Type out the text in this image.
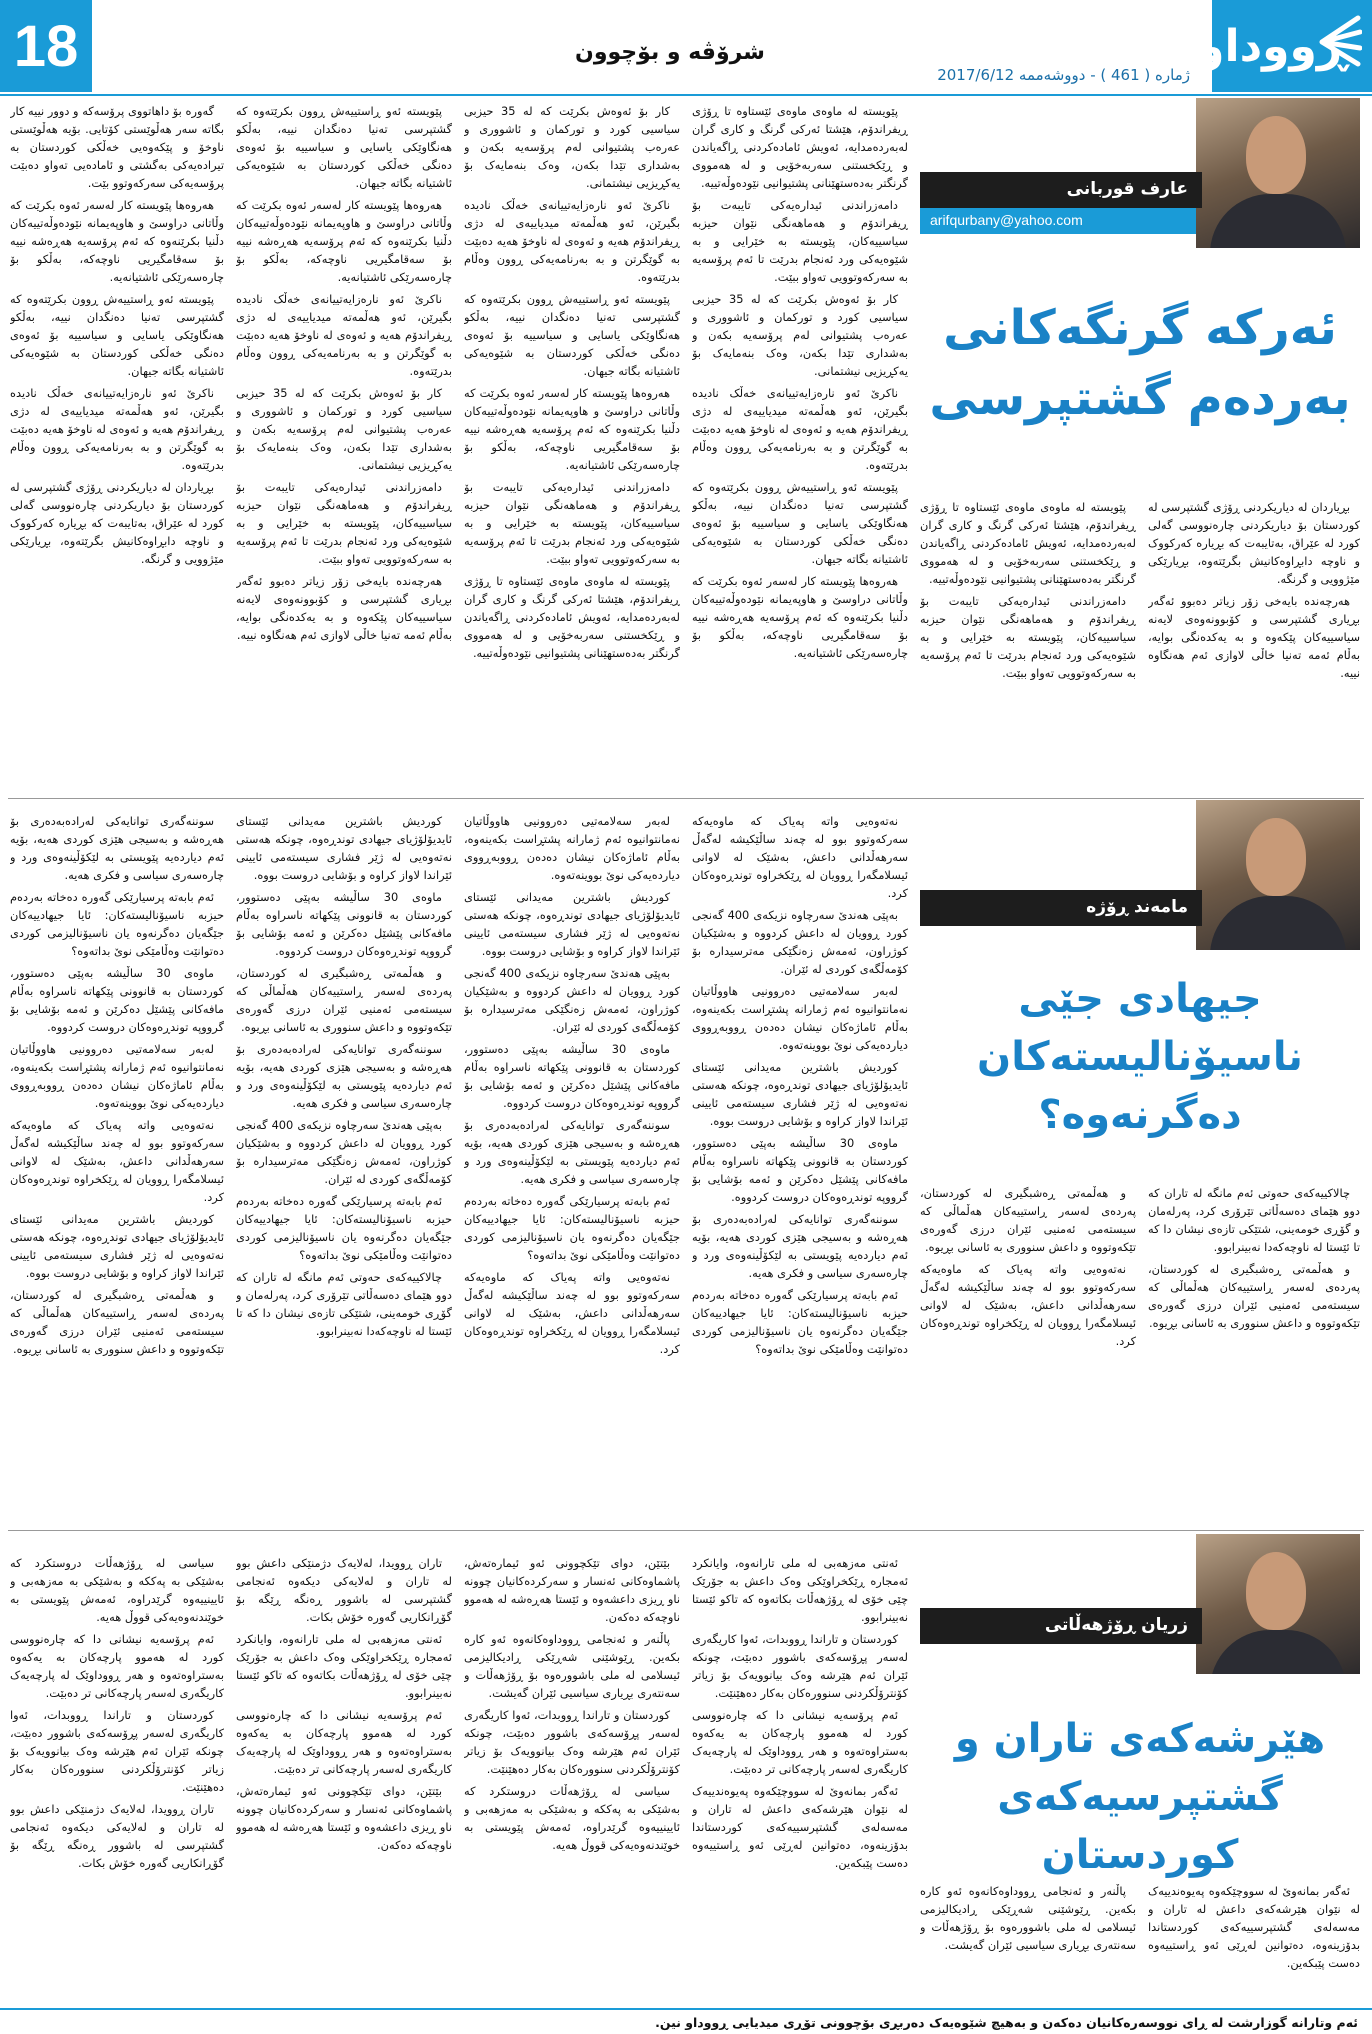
18	شرۆڤە و بۆچوون
ژمارە ( 461 ) - دووشەممە 2017/6/12
ڕووداو
عارف قوربانی
arifqurbany@yahoo.com
ئەرکە گرنگەکانی
بەردەم گشتپرسی

بڕیاردان لە دیاریکردنی ڕۆژی گشتپرسی لە کوردستان بۆ دیاریکردنی چارەنووسی گەلی کورد لە عێراق، بەتایبەت کە بڕیارە کەرکووک و ناوچە دابڕاوەکانیش بگرێتەوە، بڕیارێکی مێژوویی و گرنگە.

هەرچەندە بایەخی زۆر زیاتر دەبوو ئەگەر بڕیاری گشتپرسی و کۆبوونەوەی لایەنە سیاسییەکان پێکەوە و بە یەکدەنگی بوایە، بەڵام ئەمە تەنیا خاڵی لاوازی ئەم هەنگاوە نییە.

پێویستە لە ماوەی ماوەی ئێستاوە تا ڕۆژی ڕیفراندۆم، هێشتا ئەرکی گرنگ و کاری گران لەبەردەمدایە، ئەویش ئامادەکردنی ڕاگەیاندن و ڕێکخستنی سەربەخۆیی و لە هەمووی گرنگتر بەدەستهێنانی پشتیوانیی نێودەوڵەتییە.

دامەزراندنی ئیدارەیەکی تایبەت بۆ ڕیفراندۆم و هەماهەنگی نێوان حیزبە سیاسییەکان، پێویستە بە خێرایی و بە شێوەیەکی ورد ئەنجام بدرێت تا ئەم پرۆسەیە بە سەرکەوتوویی تەواو ببێت.

پێویستە لە ماوەی ماوەی ئێستاوە تا ڕۆژی ڕیفراندۆم، هێشتا ئەرکی گرنگ و کاری گران لەبەردەمدایە، ئەویش ئامادەکردنی ڕاگەیاندن و ڕێکخستنی سەربەخۆیی و لە هەمووی گرنگتر بەدەستهێنانی پشتیوانیی نێودەوڵەتییە.

دامەزراندنی ئیدارەیەکی تایبەت بۆ ڕیفراندۆم و هەماهەنگی نێوان حیزبە سیاسییەکان، پێویستە بە خێرایی و بە شێوەیەکی ورد ئەنجام بدرێت تا ئەم پرۆسەیە بە سەرکەوتوویی تەواو ببێت.

کار بۆ ئەوەش بکرێت کە لە 35 حیزبی سیاسیی کورد و تورکمان و ئاشووری و عەرەب پشتیوانی لەم پرۆسەیە بکەن و بەشداری تێدا بکەن، وەک بنەمایەک بۆ یەکڕیزیی نیشتمانی.

ناکرێ ئەو نارەزایەتییانەی خەڵک نادیدە بگیرێن، ئەو هەڵمەتە میدیاییەی لە دژی ڕیفراندۆم هەیە و ئەوەی لە ناوخۆ هەیە دەبێت بە گوێگرتن و بە بەرنامەیەکی ڕوون وەڵام بدرێتەوە.

پێویستە ئەو ڕاستییەش ڕوون بکرێتەوە کە گشتپرسی تەنیا دەنگدان نییە، بەڵکو هەنگاوێکی یاسایی و سیاسییە بۆ ئەوەی دەنگی خەڵکی کوردستان بە شێوەیەکی ئاشتیانە بگاتە جیهان.

هەروەها پێویستە کار لەسەر ئەوە بکرێت کە وڵاتانی دراوسێ و هاوپەیمانە نێودەوڵەتییەکان دڵنیا بکرێنەوە کە ئەم پرۆسەیە هەڕەشە نییە بۆ سەقامگیریی ناوچەکە، بەڵکو بۆ چارەسەرێکی ئاشتیانەیە.

کار بۆ ئەوەش بکرێت کە لە 35 حیزبی سیاسیی کورد و تورکمان و ئاشووری و عەرەب پشتیوانی لەم پرۆسەیە بکەن و بەشداری تێدا بکەن، وەک بنەمایەک بۆ یەکڕیزیی نیشتمانی.

ناکرێ ئەو نارەزایەتییانەی خەڵک نادیدە بگیرێن، ئەو هەڵمەتە میدیاییەی لە دژی ڕیفراندۆم هەیە و ئەوەی لە ناوخۆ هەیە دەبێت بە گوێگرتن و بە بەرنامەیەکی ڕوون وەڵام بدرێتەوە.

پێویستە ئەو ڕاستییەش ڕوون بکرێتەوە کە گشتپرسی تەنیا دەنگدان نییە، بەڵکو هەنگاوێکی یاسایی و سیاسییە بۆ ئەوەی دەنگی خەڵکی کوردستان بە شێوەیەکی ئاشتیانە بگاتە جیهان.

هەروەها پێویستە کار لەسەر ئەوە بکرێت کە وڵاتانی دراوسێ و هاوپەیمانە نێودەوڵەتییەکان دڵنیا بکرێنەوە کە ئەم پرۆسەیە هەڕەشە نییە بۆ سەقامگیریی ناوچەکە، بەڵکو بۆ چارەسەرێکی ئاشتیانەیە.

دامەزراندنی ئیدارەیەکی تایبەت بۆ ڕیفراندۆم و هەماهەنگی نێوان حیزبە سیاسییەکان، پێویستە بە خێرایی و بە شێوەیەکی ورد ئەنجام بدرێت تا ئەم پرۆسەیە بە سەرکەوتوویی تەواو ببێت.

پێویستە لە ماوەی ماوەی ئێستاوە تا ڕۆژی ڕیفراندۆم، هێشتا ئەرکی گرنگ و کاری گران لەبەردەمدایە، ئەویش ئامادەکردنی ڕاگەیاندن و ڕێکخستنی سەربەخۆیی و لە هەمووی گرنگتر بەدەستهێنانی پشتیوانیی نێودەوڵەتییە.

پێویستە ئەو ڕاستییەش ڕوون بکرێتەوە کە گشتپرسی تەنیا دەنگدان نییە، بەڵکو هەنگاوێکی یاسایی و سیاسییە بۆ ئەوەی دەنگی خەڵکی کوردستان بە شێوەیەکی ئاشتیانە بگاتە جیهان.

هەروەها پێویستە کار لەسەر ئەوە بکرێت کە وڵاتانی دراوسێ و هاوپەیمانە نێودەوڵەتییەکان دڵنیا بکرێنەوە کە ئەم پرۆسەیە هەڕەشە نییە بۆ سەقامگیریی ناوچەکە، بەڵکو بۆ چارەسەرێکی ئاشتیانەیە.

ناکرێ ئەو نارەزایەتییانەی خەڵک نادیدە بگیرێن، ئەو هەڵمەتە میدیاییەی لە دژی ڕیفراندۆم هەیە و ئەوەی لە ناوخۆ هەیە دەبێت بە گوێگرتن و بە بەرنامەیەکی ڕوون وەڵام بدرێتەوە.

کار بۆ ئەوەش بکرێت کە لە 35 حیزبی سیاسیی کورد و تورکمان و ئاشووری و عەرەب پشتیوانی لەم پرۆسەیە بکەن و بەشداری تێدا بکەن، وەک بنەمایەک بۆ یەکڕیزیی نیشتمانی.

دامەزراندنی ئیدارەیەکی تایبەت بۆ ڕیفراندۆم و هەماهەنگی نێوان حیزبە سیاسییەکان، پێویستە بە خێرایی و بە شێوەیەکی ورد ئەنجام بدرێت تا ئەم پرۆسەیە بە سەرکەوتوویی تەواو ببێت.

هەرچەندە بایەخی زۆر زیاتر دەبوو ئەگەر بڕیاری گشتپرسی و کۆبوونەوەی لایەنە سیاسییەکان پێکەوە و بە یەکدەنگی بوایە، بەڵام ئەمە تەنیا خاڵی لاوازی ئەم هەنگاوە نییە.

گەورە بۆ داهاتووی پرۆسەکە و دوور نییە کار بگاتە سەر هەڵوێستی کۆتایی. بۆیە هەڵوێستی ناوخۆ و پێکەوەیی خەڵکی کوردستان بە تیرادەیەکی بەگشتی و ئامادەیی تەواو دەبێت پرۆسەیەکی سەرکەوتوو بێت.

هەروەها پێویستە کار لەسەر ئەوە بکرێت کە وڵاتانی دراوسێ و هاوپەیمانە نێودەوڵەتییەکان دڵنیا بکرێنەوە کە ئەم پرۆسەیە هەڕەشە نییە بۆ سەقامگیریی ناوچەکە، بەڵکو بۆ چارەسەرێکی ئاشتیانەیە.

پێویستە ئەو ڕاستییەش ڕوون بکرێتەوە کە گشتپرسی تەنیا دەنگدان نییە، بەڵکو هەنگاوێکی یاسایی و سیاسییە بۆ ئەوەی دەنگی خەڵکی کوردستان بە شێوەیەکی ئاشتیانە بگاتە جیهان.

ناکرێ ئەو نارەزایەتییانەی خەڵک نادیدە بگیرێن، ئەو هەڵمەتە میدیاییەی لە دژی ڕیفراندۆم هەیە و ئەوەی لە ناوخۆ هەیە دەبێت بە گوێگرتن و بە بەرنامەیەکی ڕوون وەڵام بدرێتەوە.

بڕیاردان لە دیاریکردنی ڕۆژی گشتپرسی لە کوردستان بۆ دیاریکردنی چارەنووسی گەلی کورد لە عێراق، بەتایبەت کە بڕیارە کەرکووک و ناوچە دابڕاوەکانیش بگرێتەوە، بڕیارێکی مێژوویی و گرنگە.

مامەند ڕۆژە
جیهادی جێی
ناسیۆنالیستەکان دەگرنەوە؟

چالاکییەکەی حەوتی ئەم مانگە لە تاران کە دوو هێمای دەسەڵاتی تێرۆری کرد، پەرلەمان و گۆڕی خومەینی، شتێکی تازەی نیشان دا کە تا ئێستا لە ناوچەکەدا نەبینرابوو.

و هەڵمەتی ڕەشبگیری لە کوردستان، پەردەی لەسەر ڕاستییەکان هەڵماڵی کە سیستەمی ئەمنیی ئێران درزی گەورەی تێکەوتووە و داعش سنووری بە ئاسانی بڕیوە.

و هەڵمەتی ڕەشبگیری لە کوردستان، پەردەی لەسەر ڕاستییەکان هەڵماڵی کە سیستەمی ئەمنیی ئێران درزی گەورەی تێکەوتووە و داعش سنووری بە ئاسانی بڕیوە.

نەتەوەیی واتە پەیاک کە ماوەیەکە سەرکەوتوو بوو لە چەند ساڵێکیشە لەگەڵ سەرهەڵدانی داعش، بەشێک لە لاوانی ئیسلامگەرا ڕوویان لە ڕێکخراوە توندڕەوەکان کرد.

نەتەوەیی واتە پەیاک کە ماوەیەکە سەرکەوتوو بوو لە چەند ساڵێکیشە لەگەڵ سەرهەڵدانی داعش، بەشێک لە لاوانی ئیسلامگەرا ڕوویان لە ڕێکخراوە توندڕەوەکان کرد.

بەپێی هەندێ سەرچاوە نزیکەی 400 گەنجی کورد ڕوویان لە داعش کردووە و بەشێکیان کوژراون، ئەمەش زەنگێکی مەترسیدارە بۆ کۆمەڵگەی کوردی لە ئێران.

لەبەر سەلامەتیی دەروونیی هاووڵاتیان نەمانتوانیوە ئەم ژمارانە پشتڕاست بکەینەوە، بەڵام ئاماژەکان نیشان دەدەن ڕووبەڕووی دیاردەیەکی نوێ بووینەتەوە.

کوردیش باشترین مەیدانی ئێستای ئایدیۆلۆژیای جیهادی توندڕەوە، چونکە هەستی نەتەوەیی لە ژێر فشاری سیستەمی ئایینی ئێراندا لاواز کراوە و بۆشایی دروست بووە.

ماوەی 30 ساڵیشە بەپێی دەستوور، کوردستان بە قانوونی پێکهاتە ناسراوە بەڵام مافەکانی پێشێل دەکرێن و ئەمە بۆشایی بۆ گرووپە توندڕەوەکان دروست کردووە.

سوننەگەری توانایەکی لەرادەبەدەری بۆ هەڕەشە و بەسیجی هێزی کوردی هەیە، بۆیە ئەم دیاردەیە پێویستی بە لێکۆڵینەوەی ورد و چارەسەری سیاسی و فکری هەیە.

ئەم بابەتە پرسیارێکی گەورە دەخاتە بەردەم حیزبە ناسیۆنالیستەکان: ئایا جیهادییەکان جێگەیان دەگرنەوە یان ناسیۆنالیزمی کوردی دەتوانێت وەڵامێکی نوێ بداتەوە؟

لەبەر سەلامەتیی دەروونیی هاووڵاتیان نەمانتوانیوە ئەم ژمارانە پشتڕاست بکەینەوە، بەڵام ئاماژەکان نیشان دەدەن ڕووبەڕووی دیاردەیەکی نوێ بووینەتەوە.

کوردیش باشترین مەیدانی ئێستای ئایدیۆلۆژیای جیهادی توندڕەوە، چونکە هەستی نەتەوەیی لە ژێر فشاری سیستەمی ئایینی ئێراندا لاواز کراوە و بۆشایی دروست بووە.

بەپێی هەندێ سەرچاوە نزیکەی 400 گەنجی کورد ڕوویان لە داعش کردووە و بەشێکیان کوژراون، ئەمەش زەنگێکی مەترسیدارە بۆ کۆمەڵگەی کوردی لە ئێران.

ماوەی 30 ساڵیشە بەپێی دەستوور، کوردستان بە قانوونی پێکهاتە ناسراوە بەڵام مافەکانی پێشێل دەکرێن و ئەمە بۆشایی بۆ گرووپە توندڕەوەکان دروست کردووە.

سوننەگەری توانایەکی لەرادەبەدەری بۆ هەڕەشە و بەسیجی هێزی کوردی هەیە، بۆیە ئەم دیاردەیە پێویستی بە لێکۆڵینەوەی ورد و چارەسەری سیاسی و فکری هەیە.

ئەم بابەتە پرسیارێکی گەورە دەخاتە بەردەم حیزبە ناسیۆنالیستەکان: ئایا جیهادییەکان جێگەیان دەگرنەوە یان ناسیۆنالیزمی کوردی دەتوانێت وەڵامێکی نوێ بداتەوە؟

نەتەوەیی واتە پەیاک کە ماوەیەکە سەرکەوتوو بوو لە چەند ساڵێکیشە لەگەڵ سەرهەڵدانی داعش، بەشێک لە لاوانی ئیسلامگەرا ڕوویان لە ڕێکخراوە توندڕەوەکان کرد.

کوردیش باشترین مەیدانی ئێستای ئایدیۆلۆژیای جیهادی توندڕەوە، چونکە هەستی نەتەوەیی لە ژێر فشاری سیستەمی ئایینی ئێراندا لاواز کراوە و بۆشایی دروست بووە.

ماوەی 30 ساڵیشە بەپێی دەستوور، کوردستان بە قانوونی پێکهاتە ناسراوە بەڵام مافەکانی پێشێل دەکرێن و ئەمە بۆشایی بۆ گرووپە توندڕەوەکان دروست کردووە.

و هەڵمەتی ڕەشبگیری لە کوردستان، پەردەی لەسەر ڕاستییەکان هەڵماڵی کە سیستەمی ئەمنیی ئێران درزی گەورەی تێکەوتووە و داعش سنووری بە ئاسانی بڕیوە.

سوننەگەری توانایەکی لەرادەبەدەری بۆ هەڕەشە و بەسیجی هێزی کوردی هەیە، بۆیە ئەم دیاردەیە پێویستی بە لێکۆڵینەوەی ورد و چارەسەری سیاسی و فکری هەیە.

بەپێی هەندێ سەرچاوە نزیکەی 400 گەنجی کورد ڕوویان لە داعش کردووە و بەشێکیان کوژراون، ئەمەش زەنگێکی مەترسیدارە بۆ کۆمەڵگەی کوردی لە ئێران.

ئەم بابەتە پرسیارێکی گەورە دەخاتە بەردەم حیزبە ناسیۆنالیستەکان: ئایا جیهادییەکان جێگەیان دەگرنەوە یان ناسیۆنالیزمی کوردی دەتوانێت وەڵامێکی نوێ بداتەوە؟

چالاکییەکەی حەوتی ئەم مانگە لە تاران کە دوو هێمای دەسەڵاتی تێرۆری کرد، پەرلەمان و گۆڕی خومەینی، شتێکی تازەی نیشان دا کە تا ئێستا لە ناوچەکەدا نەبینرابوو.

سوننەگەری توانایەکی لەرادەبەدەری بۆ هەڕەشە و بەسیجی هێزی کوردی هەیە، بۆیە ئەم دیاردەیە پێویستی بە لێکۆڵینەوەی ورد و چارەسەری سیاسی و فکری هەیە.

ئەم بابەتە پرسیارێکی گەورە دەخاتە بەردەم حیزبە ناسیۆنالیستەکان: ئایا جیهادییەکان جێگەیان دەگرنەوە یان ناسیۆنالیزمی کوردی دەتوانێت وەڵامێکی نوێ بداتەوە؟

ماوەی 30 ساڵیشە بەپێی دەستوور، کوردستان بە قانوونی پێکهاتە ناسراوە بەڵام مافەکانی پێشێل دەکرێن و ئەمە بۆشایی بۆ گرووپە توندڕەوەکان دروست کردووە.

لەبەر سەلامەتیی دەروونیی هاووڵاتیان نەمانتوانیوە ئەم ژمارانە پشتڕاست بکەینەوە، بەڵام ئاماژەکان نیشان دەدەن ڕووبەڕووی دیاردەیەکی نوێ بووینەتەوە.

نەتەوەیی واتە پەیاک کە ماوەیەکە سەرکەوتوو بوو لە چەند ساڵێکیشە لەگەڵ سەرهەڵدانی داعش، بەشێک لە لاوانی ئیسلامگەرا ڕوویان لە ڕێکخراوە توندڕەوەکان کرد.

کوردیش باشترین مەیدانی ئێستای ئایدیۆلۆژیای جیهادی توندڕەوە، چونکە هەستی نەتەوەیی لە ژێر فشاری سیستەمی ئایینی ئێراندا لاواز کراوە و بۆشایی دروست بووە.

و هەڵمەتی ڕەشبگیری لە کوردستان، پەردەی لەسەر ڕاستییەکان هەڵماڵی کە سیستەمی ئەمنیی ئێران درزی گەورەی تێکەوتووە و داعش سنووری بە ئاسانی بڕیوە.

زریان ڕۆژهەڵاتی
هێرشەکەی تاران و
گشتپرسیەکەی کوردستان

ئەگەر بمانەوێ لە سووچێکەوە پەیوەندییەک لە نێوان هێرشەکەی داعش لە تاران و مەسەلەی گشتپرسییەکەی کوردستاندا بدۆزینەوە، دەتوانین لەڕێی ئەو ڕاستییەوە دەست پێبکەین.

پاڵنەر و ئەنجامی ڕووداوەکانەوە ئەو کارە بکەین. ڕێوشێنی شەڕێکی ڕادیکالیزمی ئیسلامی لە ملی باشوورەوە بۆ ڕۆژهەڵات و سەنتەری بڕیاری سیاسیی ئێران گەیشت.

ئەنتی مەزهەبی لە ملی تارانەوە، وایانکرد ئەمجارە ڕێکخراوێکی وەک داعش بە جۆرێک چێی خۆی لە ڕۆژهەڵات بکاتەوە کە تاکو ئێستا نەبینرابوو.

کوردستان و تاراندا ڕووبدات، ئەوا کاریگەری لەسەر پڕۆسەکەی باشوور دەبێت، چونکە ئێران ئەم هێرشە وەک بیانوویەک بۆ زیاتر کۆنترۆڵکردنی سنوورەکان بەکار دەهێنێت.

ئەم پرۆسەیە نیشانی دا کە چارەنووسی کورد لە هەموو پارچەکان بە یەکەوە بەستراوەتەوە و هەر ڕووداوێک لە پارچەیەک کاریگەری لەسەر پارچەکانی تر دەبێت.

ئەگەر بمانەوێ لە سووچێکەوە پەیوەندییەک لە نێوان هێرشەکەی داعش لە تاران و مەسەلەی گشتپرسییەکەی کوردستاندا بدۆزینەوە، دەتوانین لەڕێی ئەو ڕاستییەوە دەست پێبکەین.

بێتێن، دوای تێکچوونی ئەو ئیمارەتەش، پاشماوەکانی ئەنسار و سەرکردەکانیان چوونە ناو ڕیزی داعشەوە و ئێستا هەڕەشە لە هەموو ناوچەکە دەکەن.

پاڵنەر و ئەنجامی ڕووداوەکانەوە ئەو کارە بکەین. ڕێوشێنی شەڕێکی ڕادیکالیزمی ئیسلامی لە ملی باشوورەوە بۆ ڕۆژهەڵات و سەنتەری بڕیاری سیاسیی ئێران گەیشت.

کوردستان و تاراندا ڕووبدات، ئەوا کاریگەری لەسەر پڕۆسەکەی باشوور دەبێت، چونکە ئێران ئەم هێرشە وەک بیانوویەک بۆ زیاتر کۆنترۆڵکردنی سنوورەکان بەکار دەهێنێت.

سیاسی لە ڕۆژهەڵات دروستکرد کە بەشێکی بە پەککە و بەشێکی بە مەزهەبی و ئایینییەوە گرێدراوە، ئەمەش پێویستی بە خوێندنەوەیەکی قووڵ هەیە.

تاران ڕوویدا، لەلایەک دژمنێکی داعش بوو لە تاران و لەلایەکی دیکەوە ئەنجامی گشتپرسی لە باشوور ڕەنگە ڕێگە بۆ گۆڕانکاریی گەورە خۆش بکات.

ئەنتی مەزهەبی لە ملی تارانەوە، وایانکرد ئەمجارە ڕێکخراوێکی وەک داعش بە جۆرێک چێی خۆی لە ڕۆژهەڵات بکاتەوە کە تاکو ئێستا نەبینرابوو.

ئەم پرۆسەیە نیشانی دا کە چارەنووسی کورد لە هەموو پارچەکان بە یەکەوە بەستراوەتەوە و هەر ڕووداوێک لە پارچەیەک کاریگەری لەسەر پارچەکانی تر دەبێت.

بێتێن، دوای تێکچوونی ئەو ئیمارەتەش، پاشماوەکانی ئەنسار و سەرکردەکانیان چوونە ناو ڕیزی داعشەوە و ئێستا هەڕەشە لە هەموو ناوچەکە دەکەن.

سیاسی لە ڕۆژهەڵات دروستکرد کە بەشێکی بە پەککە و بەشێکی بە مەزهەبی و ئایینییەوە گرێدراوە، ئەمەش پێویستی بە خوێندنەوەیەکی قووڵ هەیە.

ئەم پرۆسەیە نیشانی دا کە چارەنووسی کورد لە هەموو پارچەکان بە یەکەوە بەستراوەتەوە و هەر ڕووداوێک لە پارچەیەک کاریگەری لەسەر پارچەکانی تر دەبێت.

کوردستان و تاراندا ڕووبدات، ئەوا کاریگەری لەسەر پڕۆسەکەی باشوور دەبێت، چونکە ئێران ئەم هێرشە وەک بیانوویەک بۆ زیاتر کۆنترۆڵکردنی سنوورەکان بەکار دەهێنێت.

تاران ڕوویدا، لەلایەک دژمنێکی داعش بوو لە تاران و لەلایەکی دیکەوە ئەنجامی گشتپرسی لە باشوور ڕەنگە ڕێگە بۆ گۆڕانکاریی گەورە خۆش بکات.

ئەم وتارانە گوزارشت لە ڕای نووسەرەکانیان دەکەن و بەهیچ شێوەیەک دەربڕی بۆچوونی تۆڕی میدیایی ڕووداو نین.
